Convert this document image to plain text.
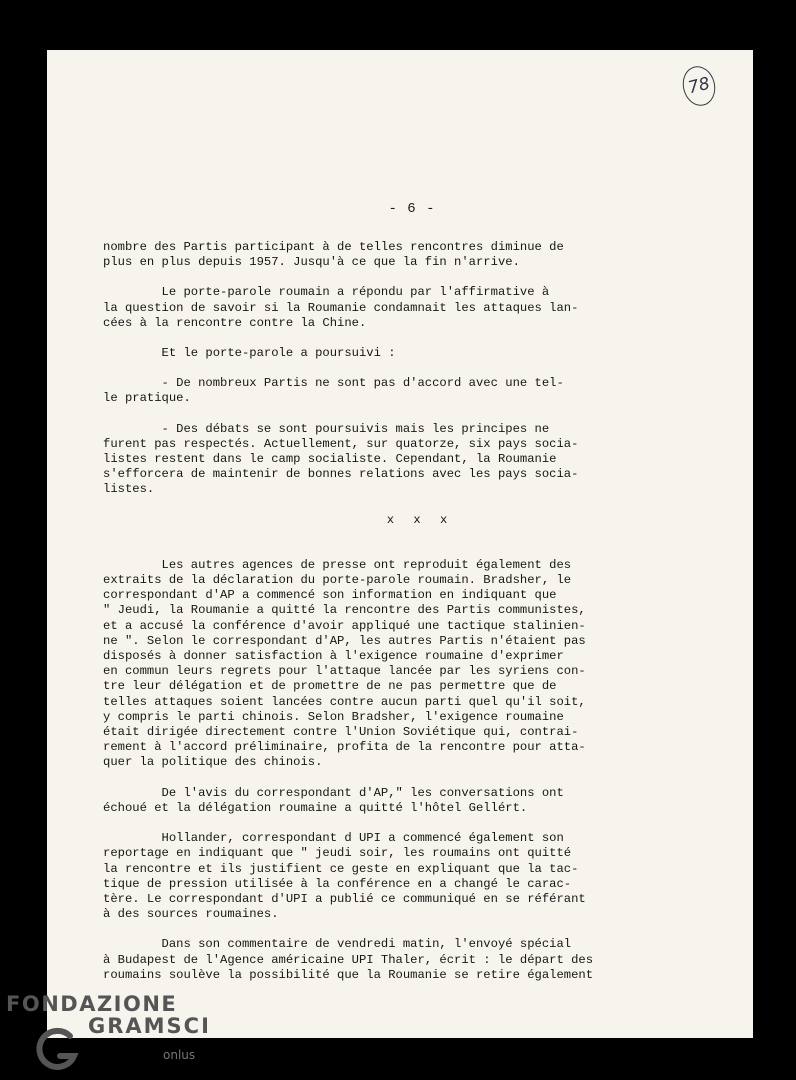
78
- 6 -
nombre des Partis participant à de telles rencontres diminue de
plus en plus depuis 1957. Jusqu'à ce que la fin n'arrive.
Le porte-parole roumain a répondu par l'affirmative à
la question de savoir si la Roumanie condamnait les attaques lan-
cées à la rencontre contre la Chine.
Et le porte-parole a poursuivi :
- De nombreux Partis ne sont pas d'accord avec une tel-
le pratique.
- Des débats se sont poursuivis mais les principes ne
furent pas respectés. Actuellement, sur quatorze, six pays socia-
listes restent dans le camp socialiste. Cependant, la Roumanie
s'efforcera de maintenir de bonnes relations avec les pays socia-
listes.
x x x
Les autres agences de presse ont reproduit également des
extraits de la déclaration du porte-parole roumain. Bradsher, le
correspondant d'AP a commencé son information en indiquant que
" Jeudi, la Roumanie a quitté la rencontre des Partis communistes,
et a accusé la conférence d'avoir appliqué une tactique stalinien-
ne ". Selon le correspondant d'AP, les autres Partis n'étaient pas
disposés à donner satisfaction à l'exigence roumaine d'exprimer
en commun leurs regrets pour l'attaque lancée par les syriens con-
tre leur délégation et de promettre de ne pas permettre que de
telles attaques soient lancées contre aucun parti quel qu'il soit,
y compris le parti chinois. Selon Bradsher, l'exigence roumaine
était dirigée directement contre l'Union Soviétique qui, contrai-
rement à l'accord préliminaire, profita de la rencontre pour atta-
quer la politique des chinois.
De l'avis du correspondant d'AP," les conversations ont
échoué et la délégation roumaine a quitté l'hôtel Gellért.
Hollander, correspondant d UPI a commencé également son
reportage en indiquant que " jeudi soir, les roumains ont quitté
la rencontre et ils justifient ce geste en expliquant que la tac-
tique de pression utilisée à la conférence en a changé le carac-
tère. Le correspondant d'UPI a publié ce communiqué en se référant
à des sources roumaines.
Dans son commentaire de vendredi matin, l'envoyé spécial
à Budapest de l'Agence américaine UPI Thaler, écrit : le départ des
roumains soulève la possibilité que la Roumanie se retire également
FONDAZIONE
GRAMSCI
onlus
